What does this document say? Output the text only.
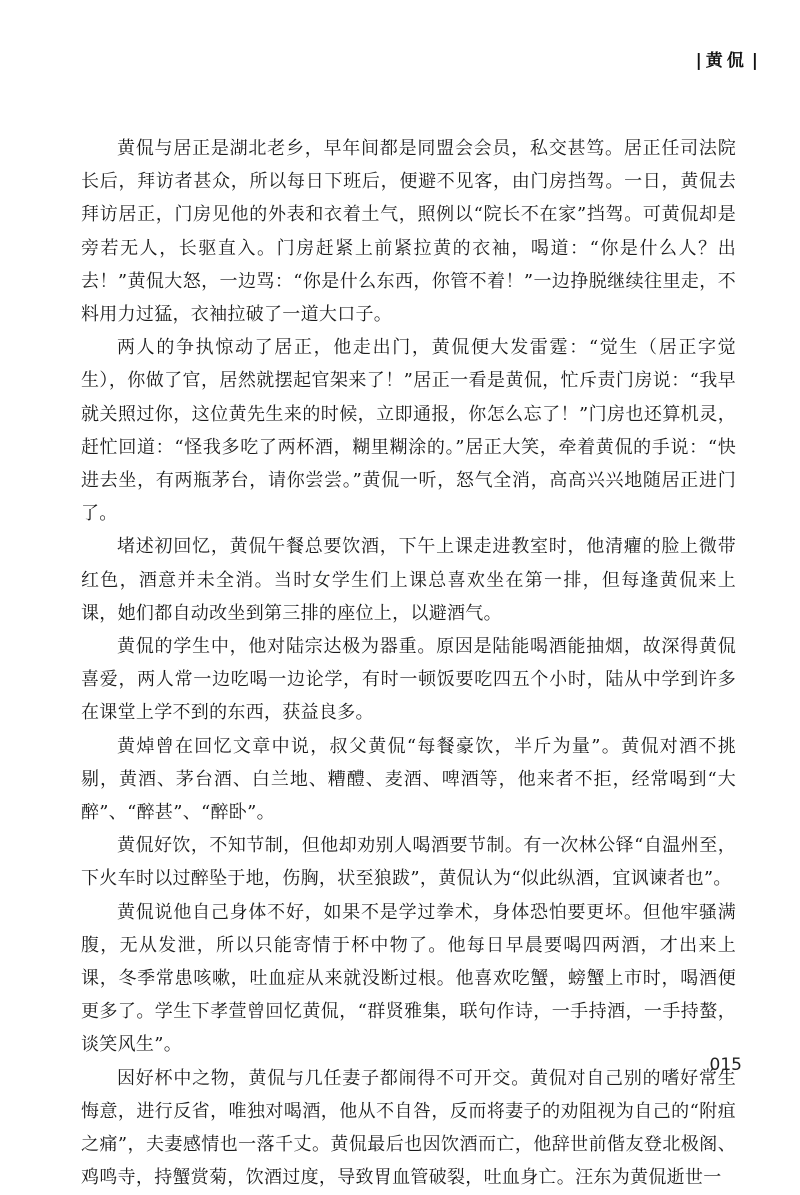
| 黄侃 |

黄侃与居正是湖北老乡，早年间都是同盟会会员，私交甚笃。居正任司法院长后，拜访者甚众，所以每日下班后，便避不见客，由门房挡驾。一日，黄侃去拜访居正，门房见他的外表和衣着土气，照例以“院长不在家”挡驾。可黄侃却是旁若无人，长驱直入。门房赶紧上前紧拉黄的衣袖，喝道：“你是什么人？出去！”黄侃大怒，一边骂：“你是什么东西，你管不着！”一边挣脱继续往里走，不料用力过猛，衣袖拉破了一道大口子。

两人的争执惊动了居正，他走出门，黄侃便大发雷霆：“觉生（居正字觉生），你做了官，居然就摆起官架来了！”居正一看是黄侃，忙斥责门房说：“我早就关照过你，这位黄先生来的时候，立即通报，你怎么忘了！”门房也还算机灵，赶忙回道：“怪我多吃了两杯酒，糊里糊涂的。”居正大笑，牵着黄侃的手说：“快进去坐，有两瓶茅台，请你尝尝。”黄侃一听，怒气全消，高高兴兴地随居正进门了。

堵述初回忆，黄侃午餐总要饮酒，下午上课走进教室时，他清癯的脸上微带红色，酒意并未全消。当时女学生们上课总喜欢坐在第一排，但每逢黄侃来上课，她们都自动改坐到第三排的座位上，以避酒气。

黄侃的学生中，他对陆宗达极为器重。原因是陆能喝酒能抽烟，故深得黄侃喜爱，两人常一边吃喝一边论学，有时一顿饭要吃四五个小时，陆从中学到许多在课堂上学不到的东西，获益良多。

黄焯曾在回忆文章中说，叔父黄侃“每餐豪饮，半斤为量”。黄侃对酒不挑剔，黄酒、茅台酒、白兰地、糟醴、麦酒、啤酒等，他来者不拒，经常喝到“大醉”、“醉甚”、“醉卧”。

黄侃好饮，不知节制，但他却劝别人喝酒要节制。有一次林公铎“自温州至，下火车时以过醉坠于地，伤胸，状至狼跋”，黄侃认为“似此纵酒，宜讽谏者也”。

黄侃说他自己身体不好，如果不是学过拳术，身体恐怕要更坏。但他牢骚满腹，无从发泄，所以只能寄情于杯中物了。他每日早晨要喝四两酒，才出来上课，冬季常患咳嗽，吐血症从来就没断过根。他喜欢吃蟹，螃蟹上市时，喝酒便更多了。学生下孝萱曾回忆黄侃，“群贤雅集，联句作诗，一手持酒，一手持螯，谈笑风生”。

因好杯中之物，黄侃与几任妻子都闹得不可开交。黄侃对自己别的嗜好常生悔意，进行反省，唯独对喝酒，他从不自咎，反而将妻子的劝阻视为自己的“附疽之痛”，夫妻感情也一落千丈。黄侃最后也因饮酒而亡，他辞世前偕友登北极阁、鸡鸣寺，持蟹赏菊，饮酒过度，导致胃血管破裂，吐血身亡。汪东为黄侃逝世一

015
